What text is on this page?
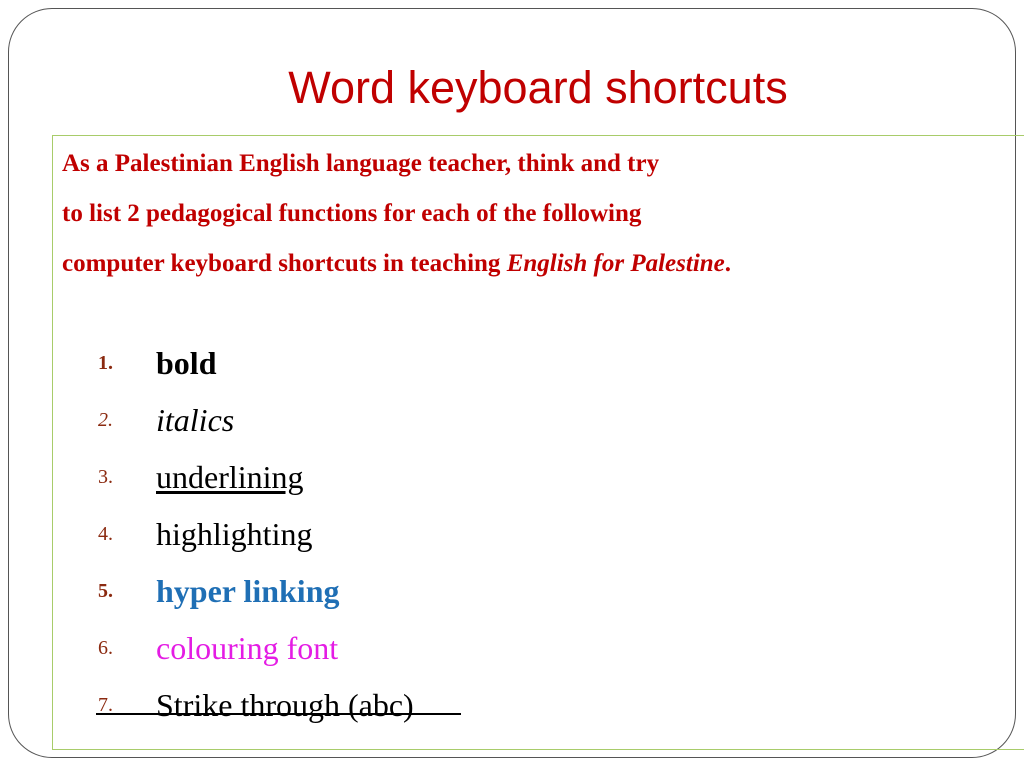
Word keyboard shortcuts

As a Palestinian English language teacher, think and try
to list 2 pedagogical functions for each of the following
computer keyboard shortcuts in teaching English for Palestine.

1. bold
2. italics
3. underlining
4. highlighting
5. hyper linking
6. colouring font
7. Strike through (abc)
